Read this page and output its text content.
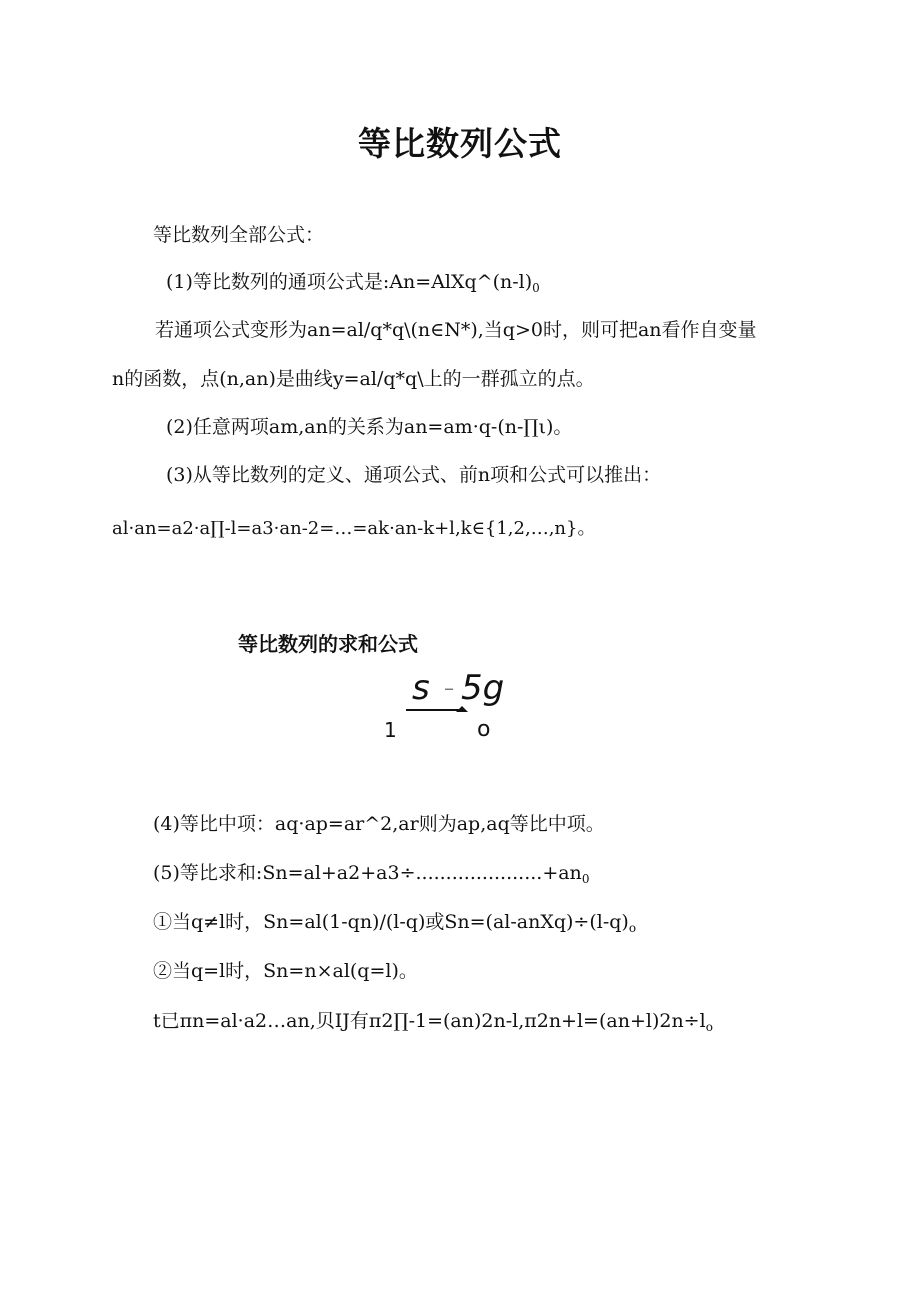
等比数列公式
等比数列全部公式：
(1)等比数列的通项公式是$:An=AlXq\^{}(n-l)_0$
若通项公式变形为an=al∕q*q\(n∈N*),当q>0时，则可把an看作自变量
n的函数，点(n,an)是曲线y=al∕q*q\上的一群孤立的点。
(2)任意两项am,an的关系为an=am·q-(n-∏ι)。
(3)从等比数列的定义、通项公式、前n项和公式可以推出：
al·an=a2·a∏-l=a3·an-2=…=ak·an-k+l,k∈{1,2,…,n}。
等比数列的求和公式
s – 5g
1	o
(4)等比中项：aq·ap=ar^2,ar则为ap,aq等比中项。
(5)等比求和$:Sn=al+a2+a3\div.....................+an_0$
①当q≠l时，Sn=al(1-qn)/(l-q)或$Sn=(al-anXq)\div(l-q)_o$
②当q=l时，Sn=n×al(q=l)。
t已πn=al·a2…an,贝IJ有$\pi 2\prod-1=(an)2n-l,\pi 2n+l=(an+l)2n\div l_o$
